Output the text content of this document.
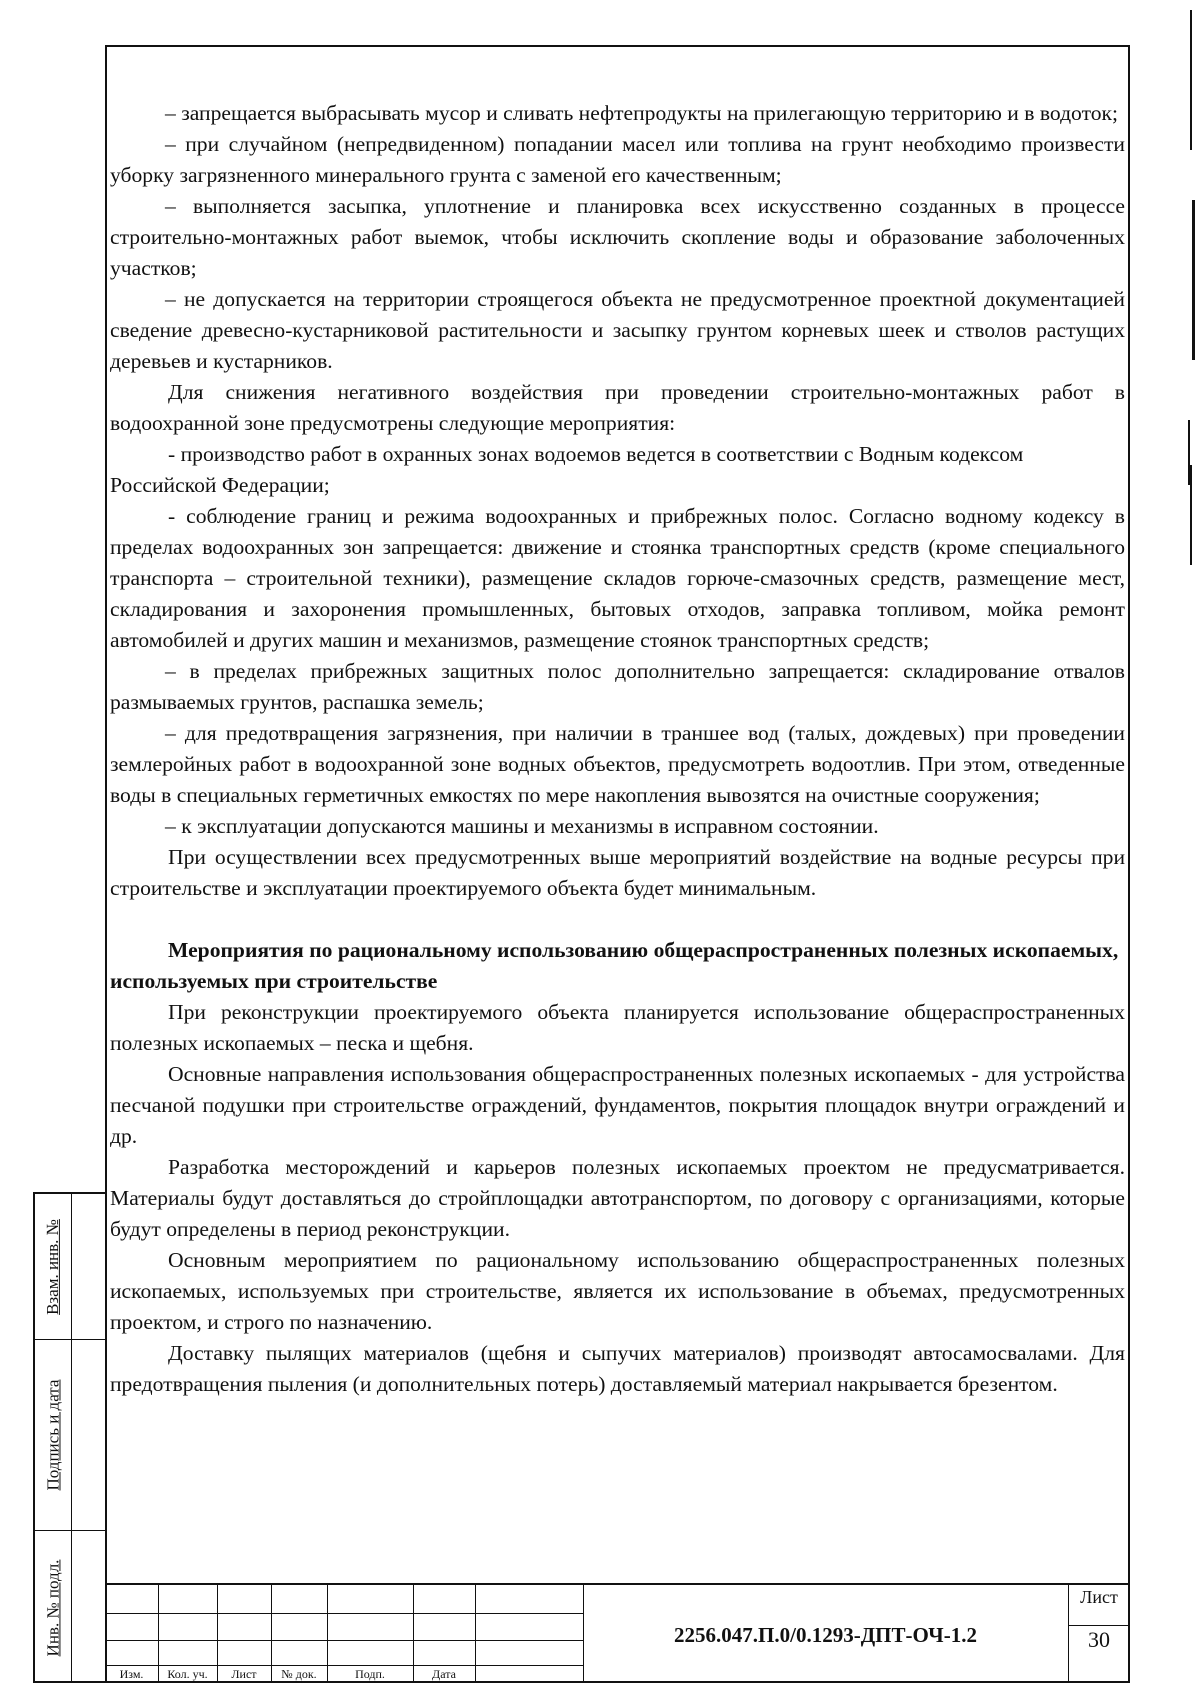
– запрещается выбрасывать мусор и сливать нефтепродукты на прилегающую территорию и в водоток;

– при случайном (непредвиденном) попадании масел или топлива на грунт необходимо произвести уборку загрязненного минерального грунта с заменой его качественным;

– выполняется засыпка, уплотнение и планировка всех искусственно созданных в процессе строительно-монтажных работ выемок, чтобы исключить скопление воды и образование заболоченных участков;

– не допускается на территории строящегося объекта не предусмотренное проектной документацией сведение древесно-кустарниковой растительности и засыпку грунтом корневых шеек и стволов растущих деревьев и кустарников.

Для снижения негативного воздействия при проведении строительно-монтажных работ в водоохранной зоне предусмотрены следующие мероприятия:

- производство работ в охранных зонах водоемов ведется в соответствии с Водным кодексом Российской Федерации;

- соблюдение границ и режима водоохранных и прибрежных полос. Согласно водному кодексу в пределах водоохранных зон запрещается: движение и стоянка транспортных средств (кроме специального транспорта – строительной техники), размещение складов горюче-смазочных средств, размещение мест, складирования и захоронения промышленных, бытовых отходов, заправка топливом, мойка ремонт автомобилей и других машин и механизмов, размещение стоянок транспортных средств;

– в пределах прибрежных защитных полос дополнительно запрещается: складирование отвалов размываемых грунтов, распашка земель;

– для предотвращения загрязнения, при наличии в траншее вод (талых, дождевых) при проведении землеройных работ в водоохранной зоне водных объектов, предусмотреть водоотлив. При этом, отведенные воды в специальных герметичных емкостях по мере накопления вывозятся на очистные сооружения;

– к эксплуатации допускаются машины и механизмы в исправном состоянии.

При осуществлении всех предусмотренных выше мероприятий воздействие на водные ресурсы при строительстве и эксплуатации проектируемого объекта будет минимальным.

Мероприятия по рациональному использованию общераспространенных полезных ископаемых, используемых при строительстве

При реконструкции проектируемого объекта планируется использование общераспространенных полезных ископаемых – песка и щебня.

Основные направления использования общераспространенных полезных ископаемых - для устройства песчаной подушки при строительстве ограждений, фундаментов, покрытия площадок внутри ограждений и др.

Разработка месторождений и карьеров полезных ископаемых проектом не предусматривается. Материалы будут доставляться до стройплощадки автотранспортом, по договору с организациями, которые будут определены в период реконструкции.

Основным мероприятием по рациональному использованию общераспространенных полезных ископаемых, используемых при строительстве, является их использование в объемах, предусмотренных проектом, и строго по назначению.

Доставку пылящих материалов (щебня и сыпучих материалов) производят автосамосвалами. Для предотвращения пыления (и дополнительных потерь) доставляемый материал накрывается брезентом.

Взам. инв. №
Подпись и дата
Инв. № подл.
Изм.	Кол. уч.	Лист	№ док.	Подп.	Дата
2256.047.П.0/0.1293-ДПТ-ОЧ-1.2
Лист
30
